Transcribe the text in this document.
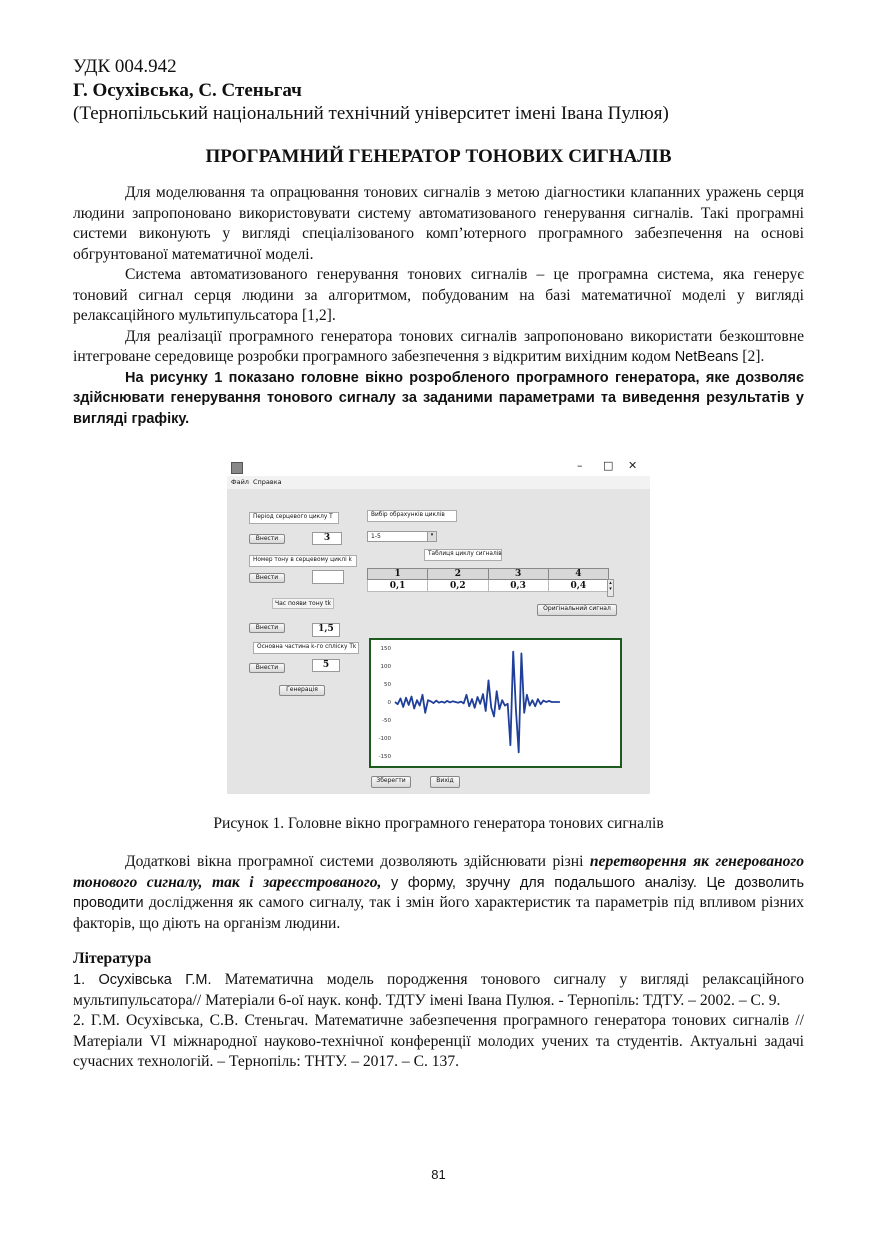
УДК 004.942
Г. Осухівська, С. Стеньгач
(Тернопільський національний технічний університет імені Івана Пулюя)
ПРОГРАМНИЙ ГЕНЕРАТОР ТОНОВИХ СИГНАЛІВ

Для моделювання та опрацювання тонових сигналів з метою діагностики клапанних уражень серця людини запропоновано використовувати систему автоматизованого генерування сигналів. Такі програмні системи виконують у вигляді спеціалізованого комп’ютерного програмного забезпечення на основі обгрунтованої математичної моделі.

Система автоматизованого генерування тонових сигналів – це програмна система, яка генерує тоновий сигнал серця людини за алгоритмом, побудованим на базі математичної моделі у вигляді релаксаційного мультипульсатора [1,2].

Для реалізації програмного генератора тонових сигналів запропоновано використати безкоштовне інтегроване середовище розробки програмного забезпечення з відкритим вихідним кодом NetBeans [2].

На рисунку 1 показано головне вікно розробленого програмного генератора, яке дозволяє здійснювати генерування тонового сигналу за заданими параметрами та виведення результатів у вигляді графіку.

– □ ✕
Файл Справка
Період серцевого циклу T
Внести	3
Номер тону в серцевому циклі k
Внести
Час появи тону tk
Внести	1,5
Основна частина k-го спліску Tk
Внести	5
Генерація
Вибір обрахунків циклів
1-5	▾
Таблиця циклу сигналів
1	2	3	4
0,1	0,2	0,3	0,4	▴
▾
Оригінальний сигнал
150
100
50
0
-50
-100
-150
Зберегти	Вихід
Рисунок 1. Головне вікно програмного генератора тонових сигналів

Додаткові вікна програмної системи дозволяють здійснювати різні перетворення як генерованого тонового сигналу, так і зареєстрованого, у форму, зручну для подальшого аналізу. Це дозволить проводити дослідження як самого сигналу, так і змін його характеристик та параметрів під впливом різних факторів, що діють на організм людини.

Література

1. Осухівська Г.М. Математична модель породження тонового сигналу у вигляді релаксаційного мультипульсатора// Матеріали 6-ої наук. конф. ТДТУ імені Івана Пулюя. - Тернопіль: ТДТУ. – 2002. – С. 9.

2. Г.М. Осухівська, С.В. Стеньгач. Математичне забезпечення програмного генератора тонових сигналів // Матеріали VI міжнародної науково-технічної конференції молодих учених та студентів. Актуальні задачі сучасних технологій. – Тернопіль: ТНТУ. – 2017. – С. 137.

81
